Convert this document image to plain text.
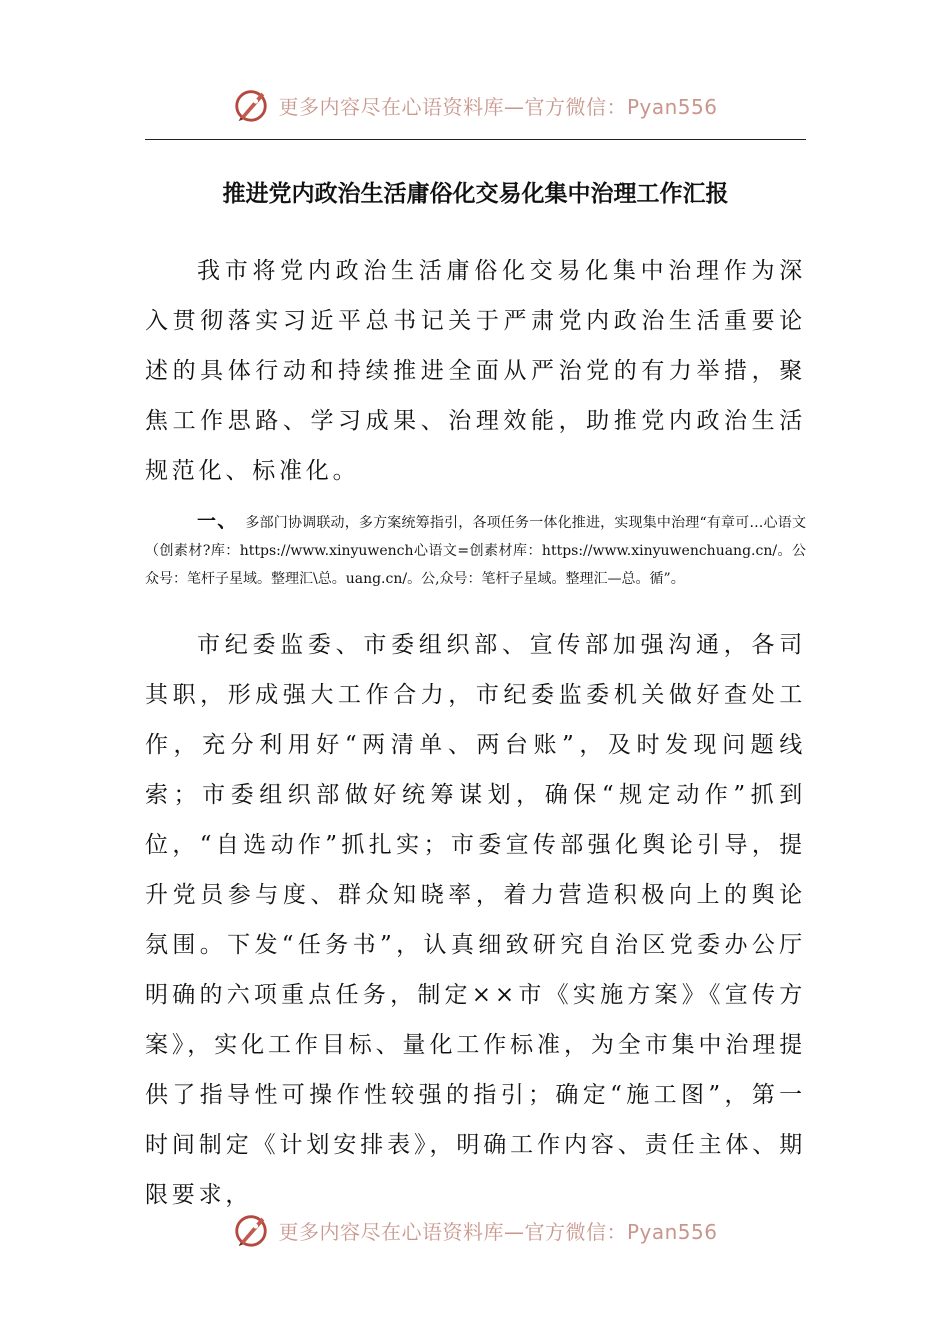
更多内容尽在心语资料库—官方微信：Pyan556
推进党内政治生活庸俗化交易化集中治理工作汇报

我市将党内政治生活庸俗化交易化集中治理作为深入贯彻落实习近平总书记关于严肃党内政治生活重要论述的具体行动和持续推进全面从严治党的有力举措，聚焦工作思路、学习成果、治理效能，助推党内政治生活规范化、标准化。

一、 多部门协调联动，多方案统筹指引，各项任务一体化推进，实现集中治理“有章可…心语文（创素材?库：https://www.xinyuwench心语文=创素材库：https://www.xinyuwenchuang.cn/。公众号：笔杆子星域。整理汇\总。uang.cn/。公,众号：笔杆子星域。整理汇—总。循”。

市纪委监委、市委组织部、宣传部加强沟通，各司其职，形成强大工作合力，市纪委监委机关做好查处工作，充分利用好“两清单、两台账”，及时发现问题线索；市委组织部做好统筹谋划，确保“规定动作”抓到位，“自选动作”抓扎实；市委宣传部强化舆论引导，提升党员参与度、群众知晓率，着力营造积极向上的舆论氛围。下发“任务书”，认真细致研究自治区党委办公厅明确的六项重点任务，制定××市《实施方案》《宣传方案》，实化工作目标、量化工作标准，为全市集中治理提供了指导性可操作性较强的指引；确定“施工图”，第一时间制定《计划安排表》，明确工作内容、责任主体、期限要求，

更多内容尽在心语资料库—官方微信：Pyan556
